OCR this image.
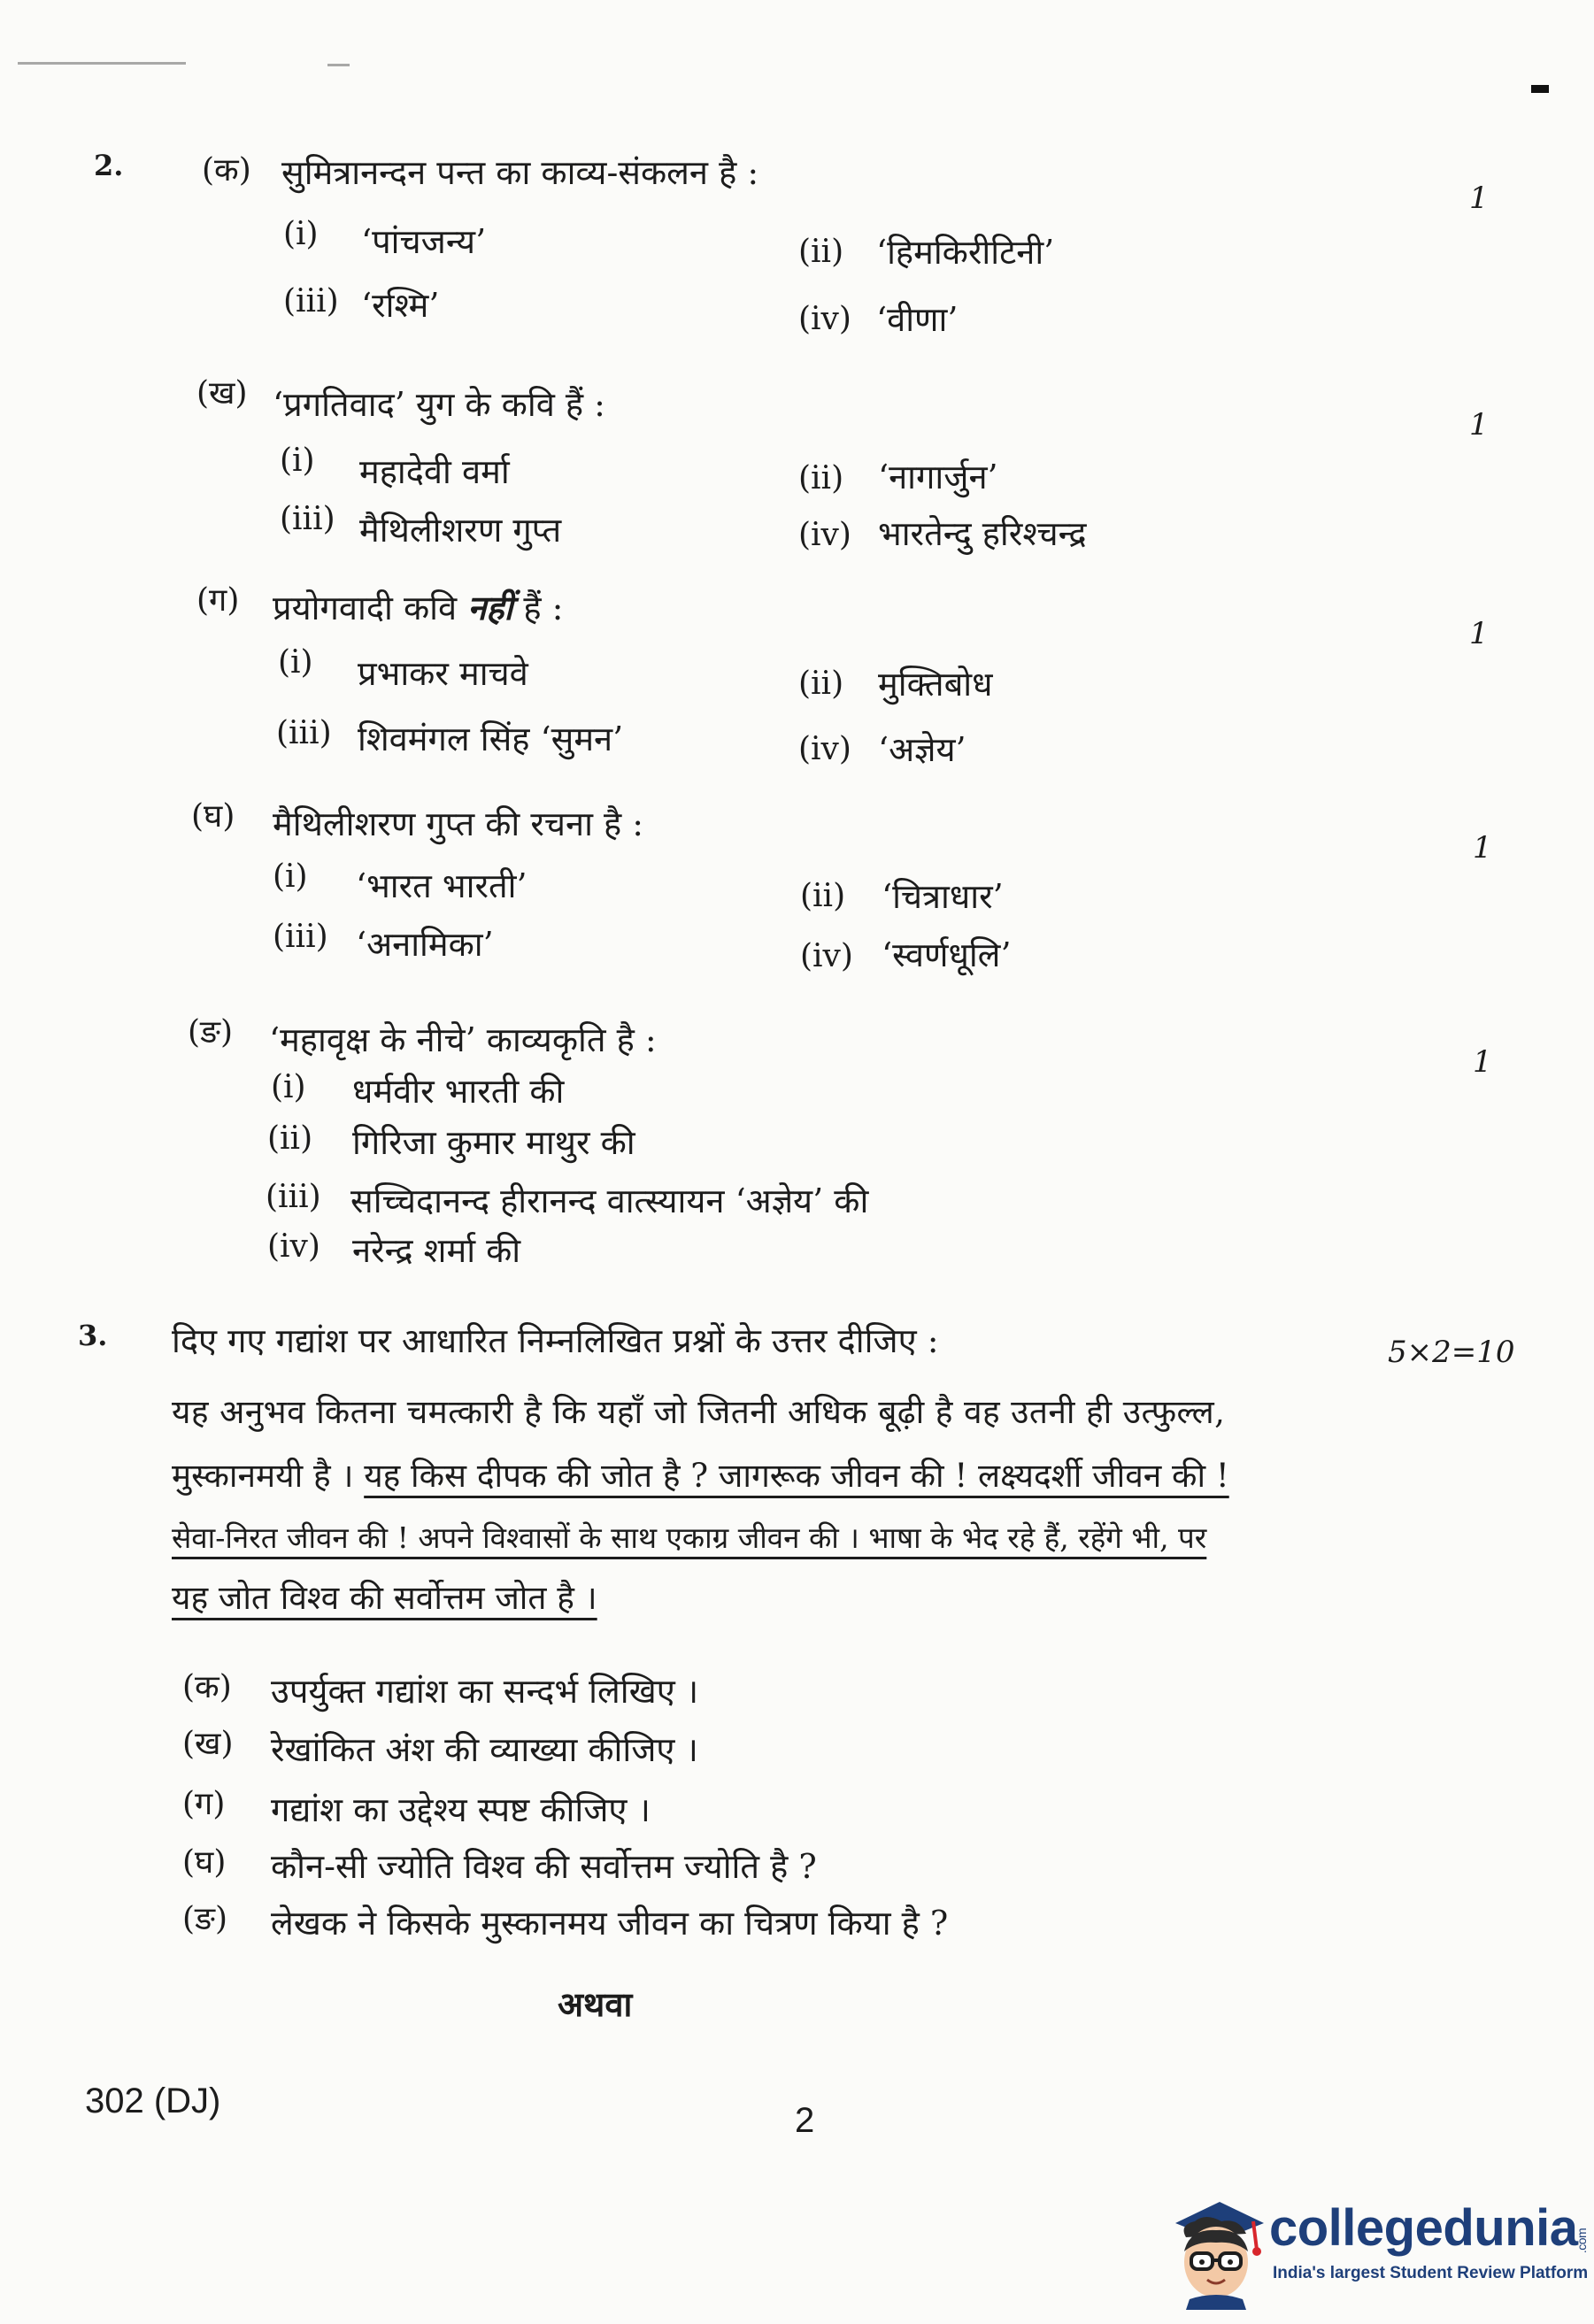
2. (क) सुमित्रानन्दन पन्त का काव्य-संकलन है :
1
(i) ‘पांचजन्य’	(ii) ‘हिमकिरीटिनी’
(iii) ‘रश्मि’	(iv) ‘वीणा’
(ख) ‘प्रगतिवाद’ युग के कवि हैं :
1
(i) महादेवी वर्मा	(ii) ‘नागार्जुन’
(iii) मैथिलीशरण गुप्त	(iv) भारतेन्दु हरिश्चन्द्र
(ग) प्रयोगवादी कवि नहीं हैं :
1
(i) प्रभाकर माचवे	(ii) मुक्तिबोध
(iii) शिवमंगल सिंह ‘सुमन’	(iv) ‘अज्ञेय’
(घ) मैथिलीशरण गुप्त की रचना है :
1
(i) ‘भारत भारती’	(ii) ‘चित्राधार’
(iii) ‘अनामिका’	(iv) ‘स्वर्णधूलि’
(ङ) ‘महावृक्ष के नीचे’ काव्यकृति है :
1
(i) धर्मवीर भारती की
(ii) गिरिजा कुमार माथुर की
(iii) सच्चिदानन्द हीरानन्द वात्स्यायन ‘अज्ञेय’ की
(iv) नरेन्द्र शर्मा की
3. दिए गए गद्यांश पर आधारित निम्नलिखित प्रश्नों के उत्तर दीजिए :	5×2=10
यह अनुभव कितना चमत्कारी है कि यहाँ जो जितनी अधिक बूढ़ी है वह उतनी ही उत्फुल्ल,
मुस्कानमयी है । यह किस दीपक की जोत है ? जागरूक जीवन की ! लक्ष्यदर्शी जीवन की !
सेवा-निरत जीवन की ! अपने विश्वासों के साथ एकाग्र जीवन की । भाषा के भेद रहे हैं, रहेंगे भी, पर
यह जोत विश्व की सर्वोत्तम जोत है ।
(क) उपर्युक्त गद्यांश का सन्दर्भ लिखिए ।
(ख) रेखांकित अंश की व्याख्या कीजिए ।
(ग) गद्यांश का उद्देश्य स्पष्ट कीजिए ।
(घ) कौन-सी ज्योति विश्व की सर्वोत्तम ज्योति है ?
(ङ) लेखक ने किसके मुस्कानमय जीवन का चित्रण किया है ?
अथवा
302 (DJ)	2
collegedunia.com
India's largest Student Review Platform
